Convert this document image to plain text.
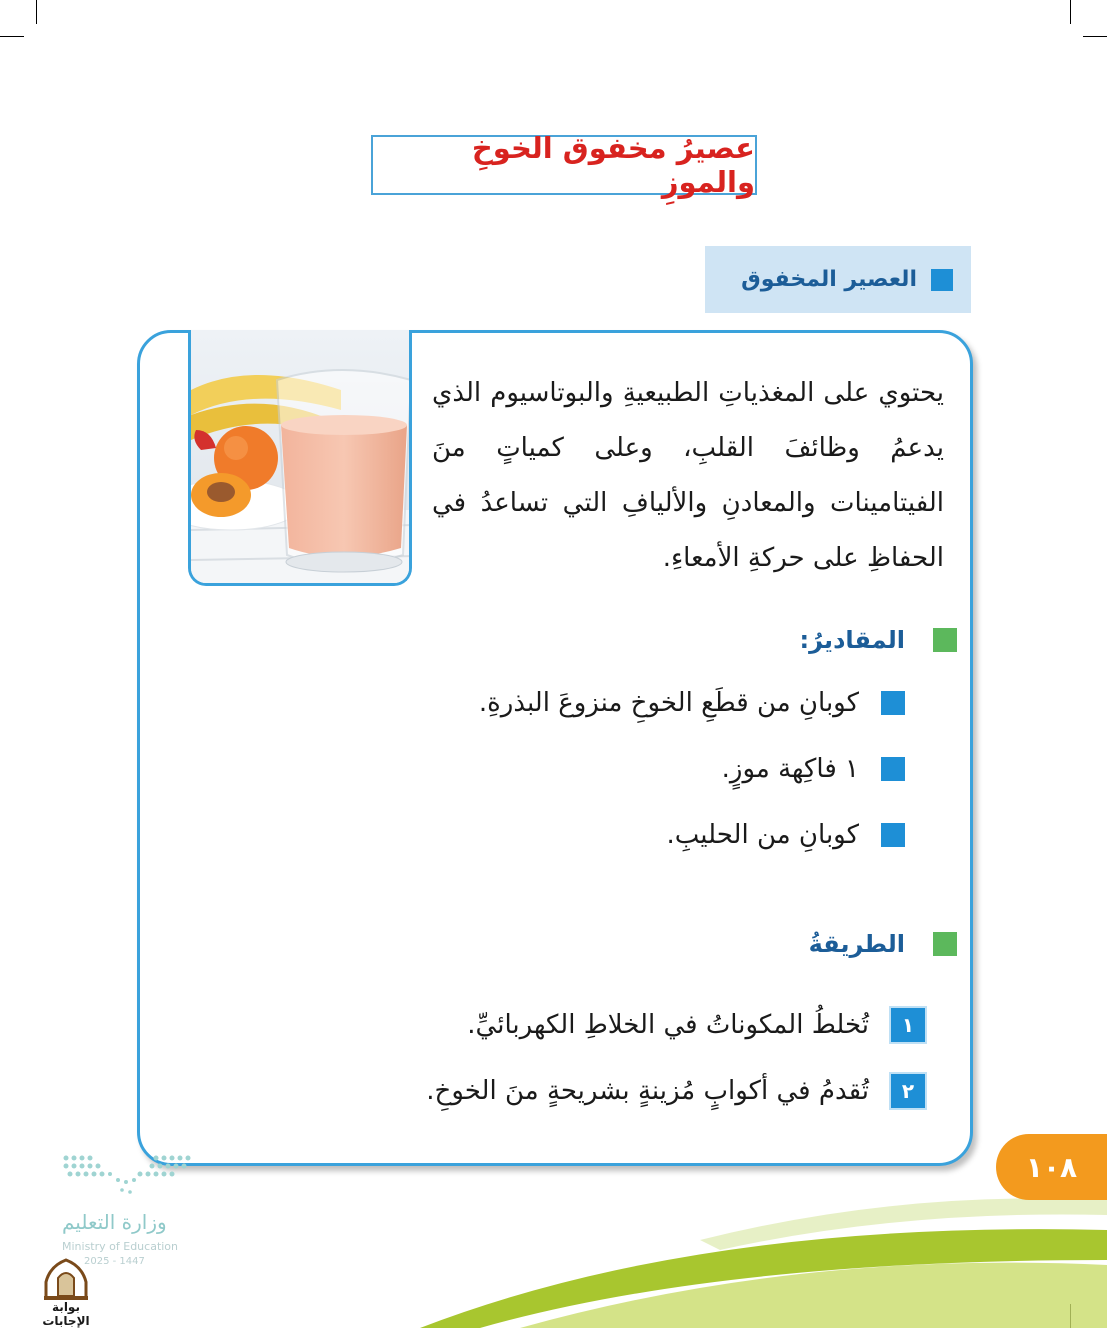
عصيرُ مخفوق الخوخِ والموزِ
العصير المخفوق
يحتوي على المغذياتِ الطبيعيةِ والبوتاسيوم الذي يدعمُ وظائفَ القلبِ، وعلى كمياتٍ منَ الفيتامينات والمعادنِ والأليافِ التي تساعدُ في الحفاظِ على حركةِ الأمعاءِ.
المقاديرُ:
كوبانِ من قطَعِ الخوخِ منزوعَ البذرةِ.
١ فاكِهة موزٍ.
كوبانِ من الحليبِ.
الطريقةُ
١
تُخلطُ المكوناتُ في الخلاطِ الكهربائيِّ.
٢
تُقدمُ في أكوابٍ مُزينةٍ بشريحةٍ منَ الخوخِ.
١٠٨
وزارة التعليم
Ministry of Education
2025 - 1447
بوابة الإجابات
